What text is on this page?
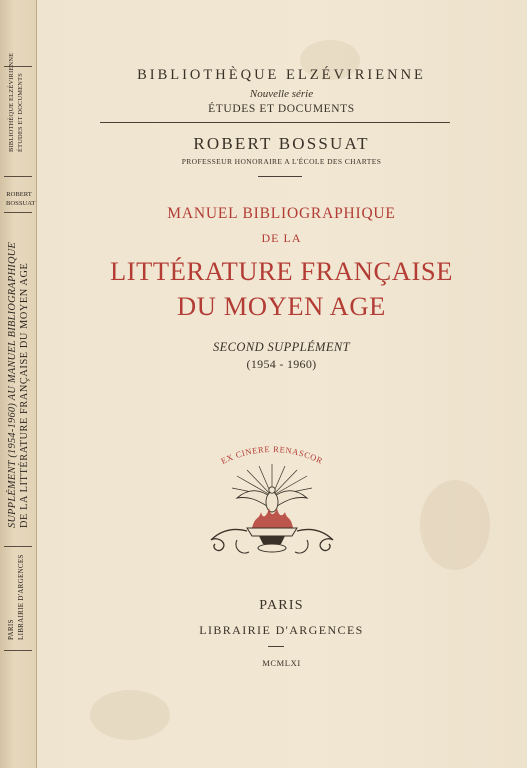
BIBLIOTHÈQUE ELZÉVIRIENNE ÉTUDES ET DOCUMENTS
ROBERT
BOSSUAT
SUPPLÉMENT (1954-1960) AU MANUEL BIBLIOGRAPHIQUE DE LA LITTÉRATURE FRANÇAISE DU MOYEN AGE
PARIS LIBRAIRIE D'ARGENCES
BIBLIOTHÈQUE ELZÉVIRIENNE
Nouvelle série
ÉTUDES ET DOCUMENTS
ROBERT BOSSUAT
PROFESSEUR HONORAIRE A L'ÉCOLE DES CHARTES
MANUEL BIBLIOGRAPHIQUE
DE LA
LITTÉRATURE FRANÇAISE
DU MOYEN AGE
SECOND SUPPLÉMENT
(1954 - 1960)
EX CINERE RENASCOR
PARIS
LIBRAIRIE D'ARGENCES
MCMLXI
